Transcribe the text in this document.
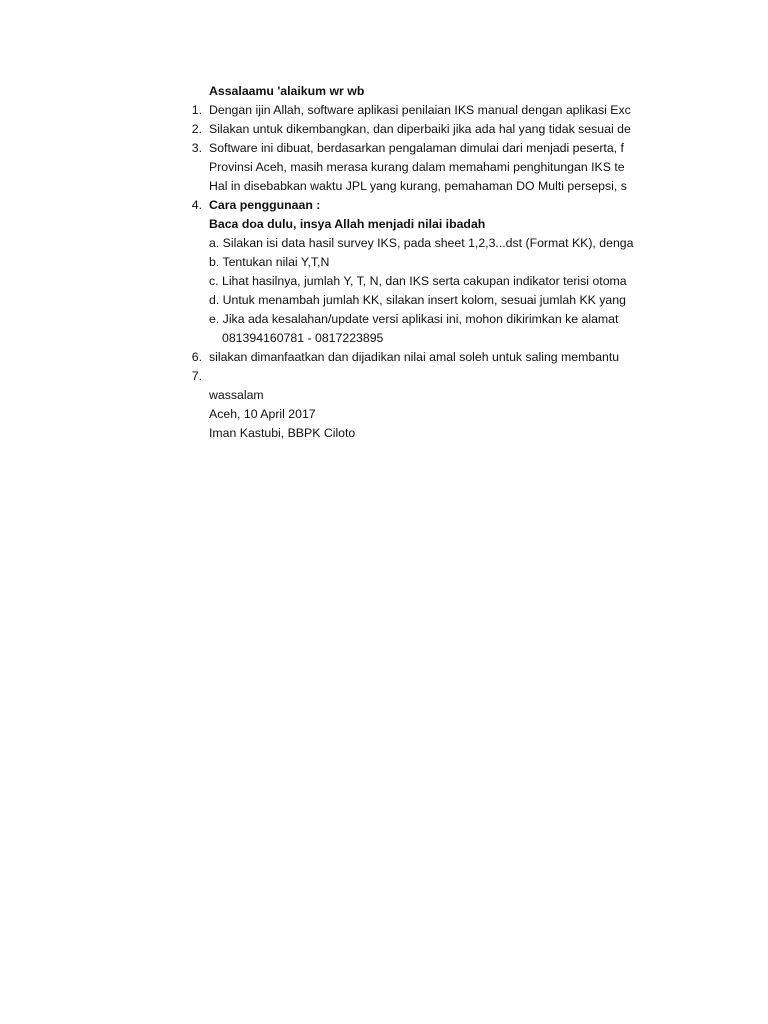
Assalaamu 'alaikum wr wb
1. Dengan ijin Allah, software aplikasi penilaian IKS manual dengan aplikasi Exc
2. Silakan untuk dikembangkan, dan diperbaiki jika ada hal yang tidak sesuai de
3. Software ini dibuat, berdasarkan pengalaman dimulai dari menjadi peserta, f
Provinsi Aceh, masih merasa kurang dalam memahami penghitungan IKS te
Hal in disebabkan waktu JPL yang kurang, pemahaman DO Multi persepsi, s
4. Cara penggunaan :
Baca doa dulu, insya Allah menjadi nilai ibadah
a. Silakan isi data hasil survey IKS, pada sheet 1,2,3...dst (Format KK), denga
b. Tentukan nilai Y,T,N
c. Lihat hasilnya, jumlah Y, T, N, dan IKS serta cakupan indikator terisi otoma
d. Untuk menambah jumlah KK, silakan insert kolom, sesuai jumlah KK yang
e. Jika ada kesalahan/update versi aplikasi ini, mohon dikirimkan ke alamat
081394160781 - 0817223895
6. silakan dimanfaatkan dan dijadikan nilai amal soleh untuk saling membantu
7.
wassalam
Aceh, 10 April 2017
Iman Kastubi, BBPK Ciloto
